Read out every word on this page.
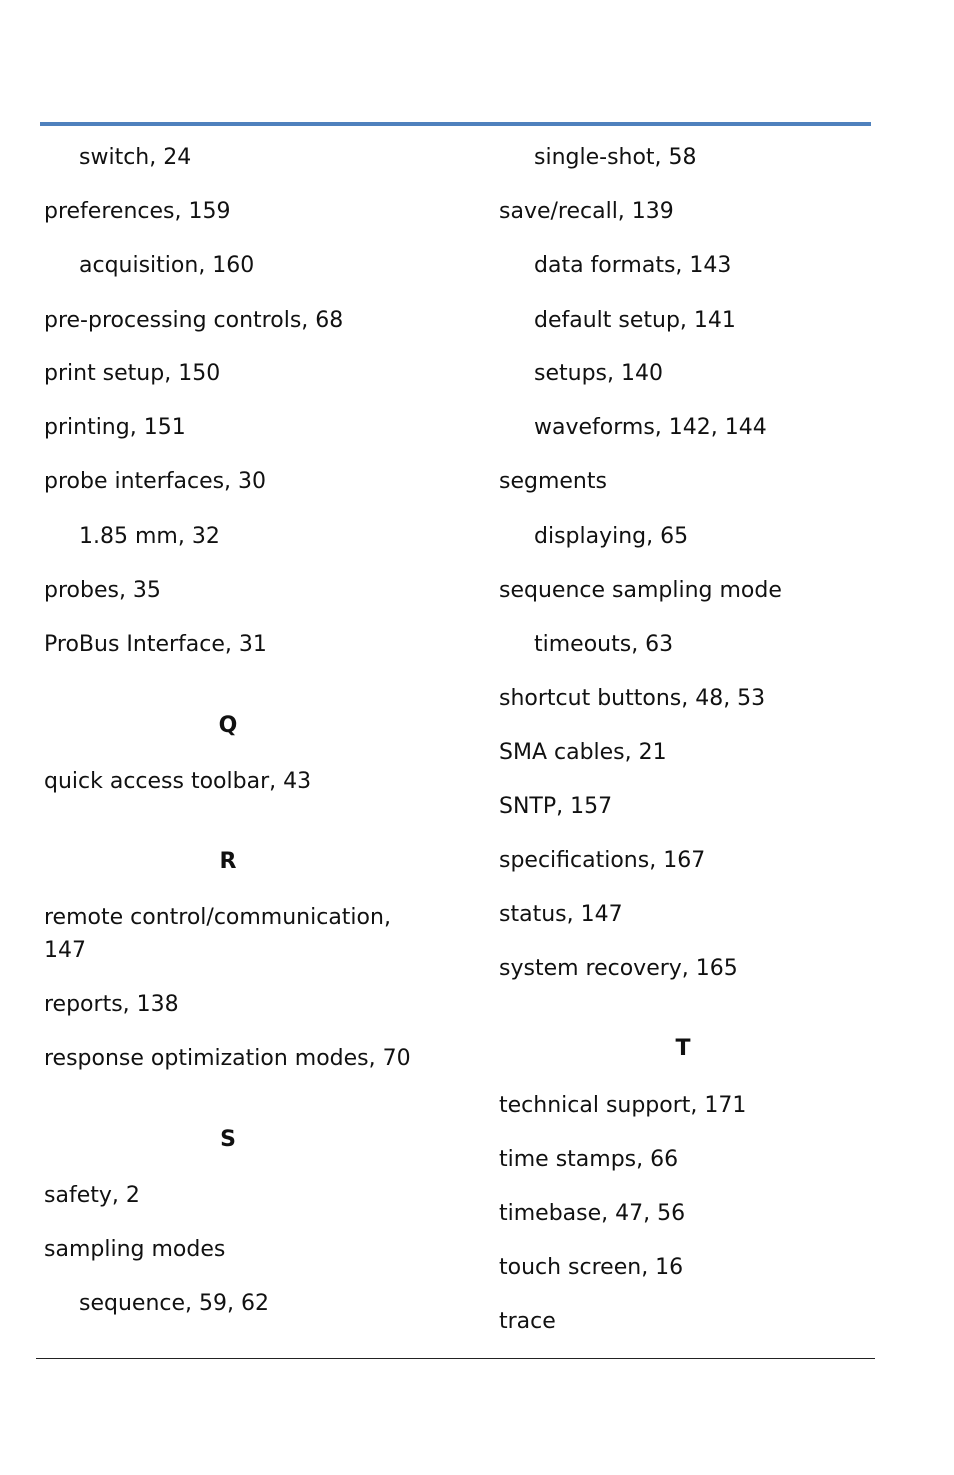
switch, 24

preferences, 159

acquisition, 160

pre-processing controls, 68

print setup, 150

printing, 151

probe interfaces, 30

1.85 mm, 32

probes, 35

ProBus Interface, 31

Q

quick access toolbar, 43

R

remote control/communication, 147

reports, 138

response optimization modes, 70

S

safety, 2

sampling modes

sequence, 59, 62

single-shot, 58

save/recall, 139

data formats, 143

default setup, 141

setups, 140

waveforms, 142, 144

segments

displaying, 65

sequence sampling mode

timeouts, 63

shortcut buttons, 48, 53

SMA cables, 21

SNTP, 157

specifications, 167

status, 147

system recovery, 165

T

technical support, 171

time stamps, 66

timebase, 47, 56

touch screen, 16

trace
